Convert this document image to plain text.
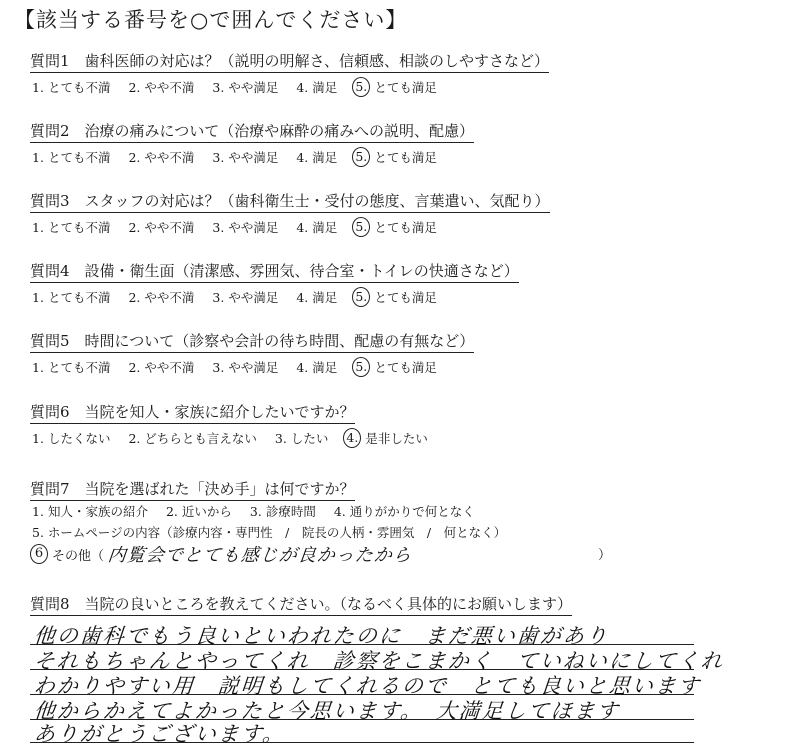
【該当する番号を○で囲んでください】
質問1　歯科医師の対応は？（説明の明解さ、信頼感、相談のしやすさなど）
1. とても不満 2. やや不満 3. やや満足 4. 満足 5. とても満足
質問2　治療の痛みについて（治療や麻酔の痛みへの説明、配慮）
1. とても不満 2. やや不満 3. やや満足 4. 満足 5. とても満足
質問3　スタッフの対応は？（歯科衛生士・受付の態度、言葉遣い、気配り）
1. とても不満 2. やや不満 3. やや満足 4. 満足 5. とても満足
質問4　設備・衛生面（清潔感、雰囲気、待合室・トイレの快適さなど）
1. とても不満 2. やや不満 3. やや満足 4. 満足 5. とても満足
質問5　時間について（診察や会計の待ち時間、配慮の有無など）
1. とても不満 2. やや不満 3. やや満足 4. 満足 5. とても満足
質問6　当院を知人・家族に紹介したいですか？
1. したくない 2. どちらとも言えない 3. したい 4. 是非したい
質問7　当院を選ばれた「決め手」は何ですか？
1. 知人・家族の紹介 2. 近いから 3. 診療時間 4. 通りがかりで何となく
5. ホームページの内容（診療内容・専門性　/　院長の人柄・雰囲気　/　何となく）
6 その他（ 内覧会でとても感じが良かったから	）
質問8　当院の良いところを教えてください。（なるべく具体的にお願いします）
他の歯科でもう良いといわれたのに　まだ悪い歯があり
それもちゃんとやってくれ　診察をこまかく　ていねいにしてくれ
わかりやすい用　説明もしてくれるので　とても良いと思います
他からかえてよかったと今思います。　大満足してほます
ありがとうございます。
